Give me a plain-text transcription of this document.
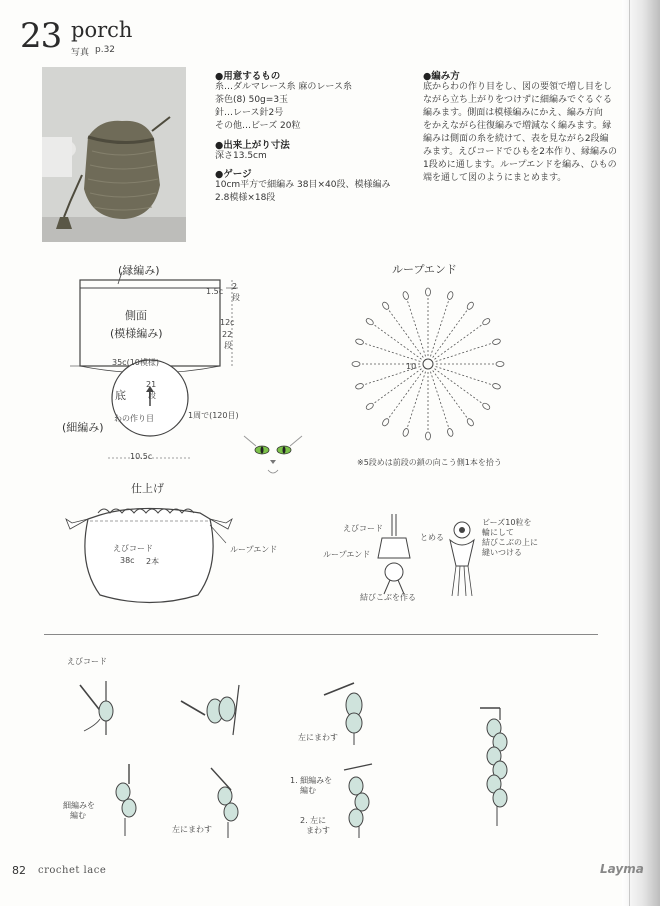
23 porch
写真 p.32
●用意するもの
糸…ダルマレース糸 麻のレース糸
茶色(8) 50g=3玉
針…レース針2号
その他…ビーズ 20粒
●出来上がり寸法
深さ13.5cm
●ゲージ
10cm平方で細編み 38目×40段、模様編み
2.8模様×18段
●編み方
底からわの作り目をし、図の要領で増し目をし
ながら立ち上がりをつけずに細編みでぐるぐる
編みます。側面は模様編みにかえ、編み方向
をかえながら往復編みで増減なく編みます。縁
編みは側面の糸を続けて、表を見ながら2段編
みます。えびコードでひもを2本作り、縁編みの
1段めに通します。ループエンドを編み、ひもの
端を通して図のようにまとめます。
(縁編み)
側面
(模様編み)
35c(10模様)
底
21
段
わの作り目
(細編み)
1周で(120目)
10.5c
1.5c
2
段
12c
22
段
ループエンド
10
※5段めは前段の鎖の向こう側1本を拾う
仕上げ
えびコード
38c 2本
ループエンド
えびコード
ループエンド
結びこぶを作る
とめる
ビーズ10粒を
輪にして
結びこぶの上に
縫いつける
えびコード
左にまわす
細編みを
編む
左にまわす
1. 細編みを
編む
2. 左に
まわす
82 crochet lace	Layma
